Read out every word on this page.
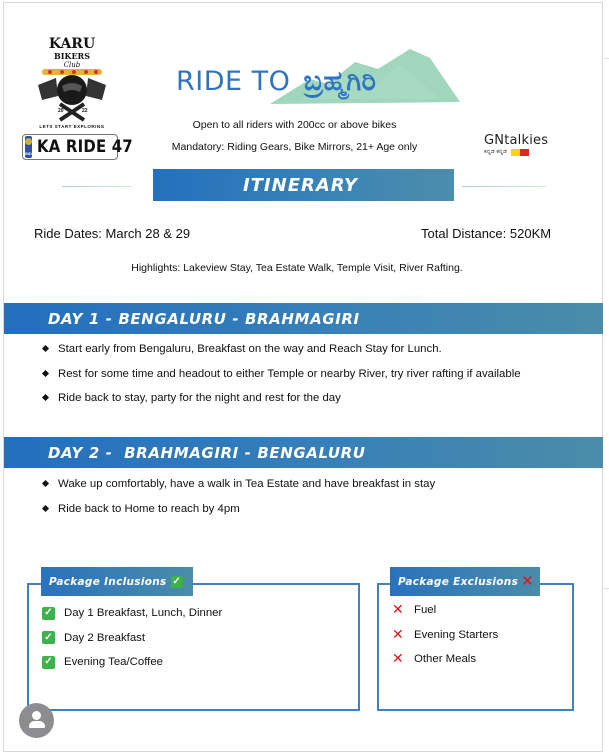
KARU
BIKERS
Club
20	22
LETS START EXPLORING
IND KA RIDE 47
RIDE TO ಬ್ರಹ್ಮಗಿರಿ
Open to all riders with 200cc or above bikes
Mandatory: Riding Gears, Bike Mirrors, 21+ Age only	GNtalkies
ಕನ್ನಡ ಕನ್ನಡ
ITINERARY
Ride Dates: March 28 & 29	Total Distance: 520KM
Highlights: Lakeview Stay, Tea Estate Walk, Temple Visit, River Rafting.
DAY 1 - BENGALURU - BRAHMAGIRI
Start early from Bengaluru, Breakfast on the way and Reach Stay for Lunch.
Rest for some time and headout to either Temple or nearby River, try river rafting if available
Ride back to stay, party for the night and rest for the day
DAY 2 -  BRAHMAGIRI - BENGALURU
Wake up comfortably, have a walk in Tea Estate and have breakfast in stay
Ride back to Home to reach by 4pm
Package Inclusions ✓
✓ Day 1 Breakfast, Lunch, Dinner
✓ Day 2 Breakfast
✓ Evening Tea/Coffee
Package Exclusions ✕
✕ Fuel
✕ Evening Starters
✕ Other Meals
